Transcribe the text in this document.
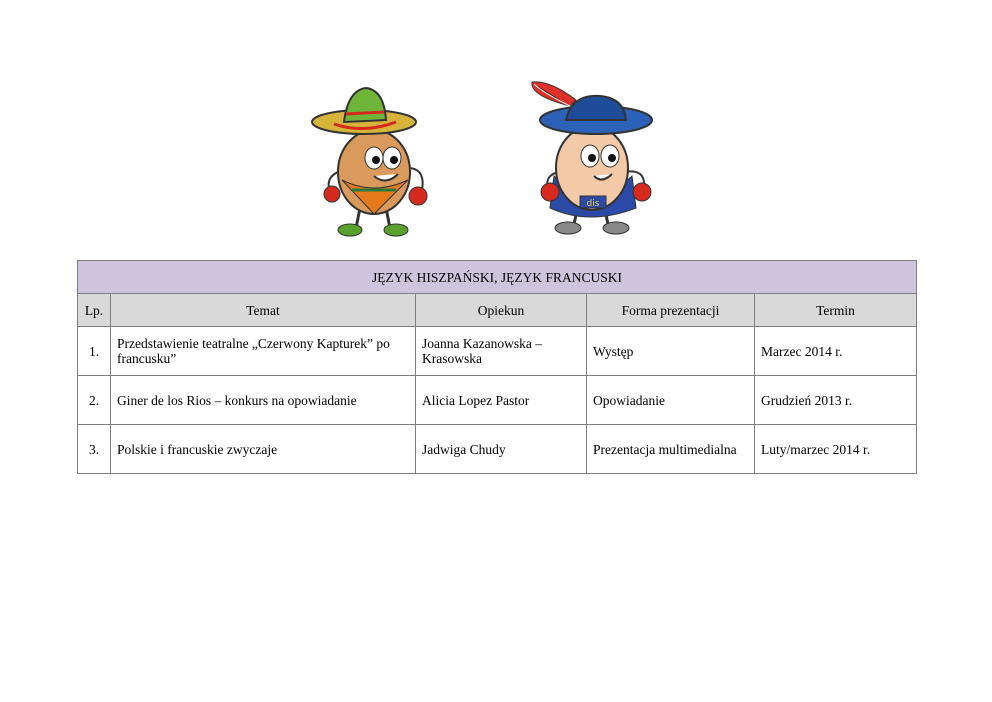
dis
JĘZYK HISZPAŃSKI, JĘZYK FRANCUSKI				
Lp.	Temat	Opiekun	Forma prezentacji	Termin
1.	Przedstawienie teatralne „Czerwony Kapturek” po francusku”	Joanna Kazanowska – Krasowska	Występ	Marzec 2014 r.
2.	Giner de los Rios – konkurs na opowiadanie	Alicia Lopez Pastor	Opowiadanie	Grudzień 2013 r.
3.	Polskie i francuskie zwyczaje	Jadwiga Chudy	Prezentacja multimedialna	Luty/marzec 2014 r.
